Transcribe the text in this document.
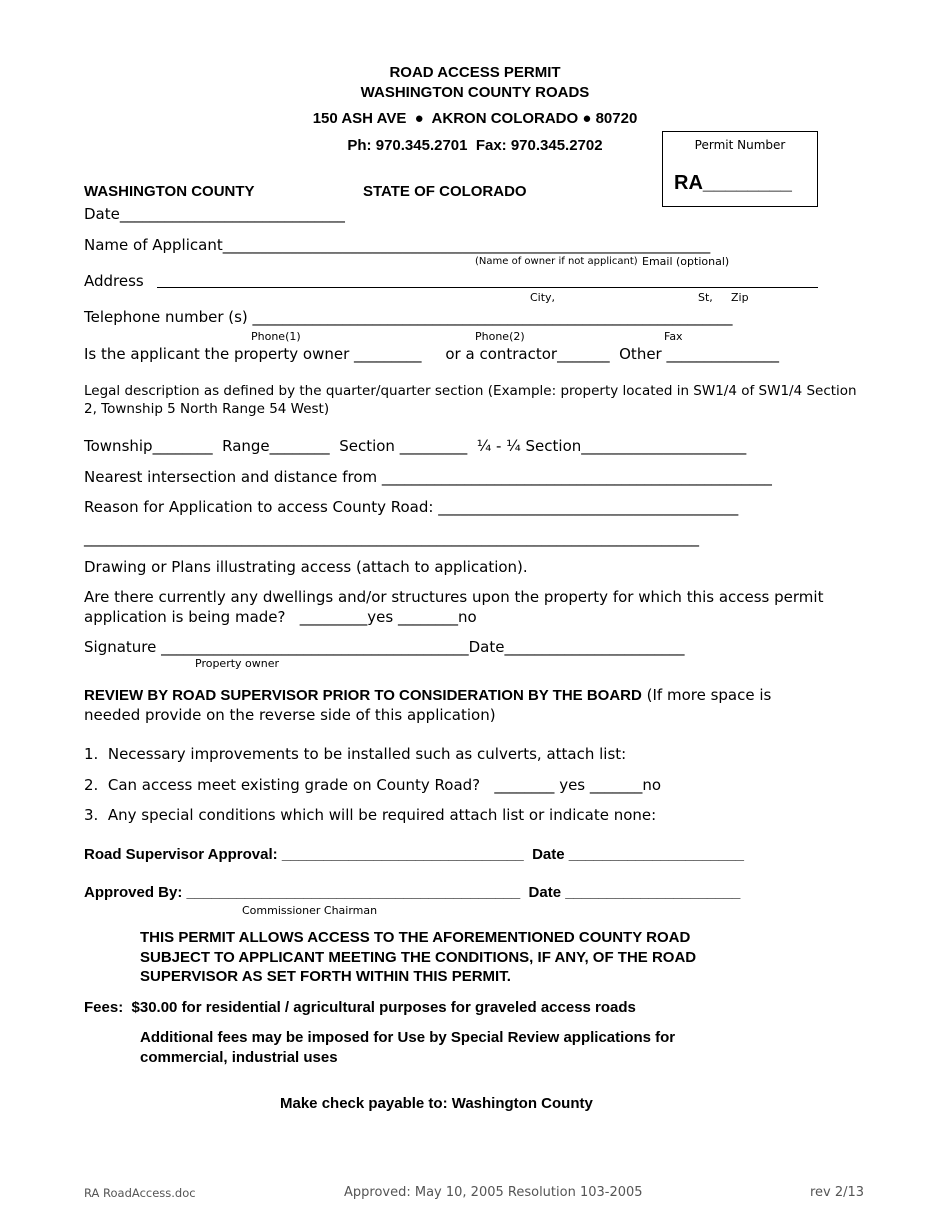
ROAD ACCESS PERMIT
WASHINGTON COUNTY ROADS
150 ASH AVE  ●  AKRON COLORADO ● 80720
Ph: 970.345.2701  Fax: 970.345.2702	Permit Number
RA________
WASHINGTON COUNTY	STATE OF COLORADO
Date______________________________
Name of Applicant_________________________________________________________________
(Name of owner if not applicant) Email (optional)
Address
City,	St, Zip
Telephone number (s) ________________________________________________________________
Phone(1)	Phone(2)	Fax
Is the applicant the property owner _________     or a contractor_______  Other _______________
Legal description as defined by the quarter/quarter section (Example: property located in SW1/4 of SW1/4 Section
2, Township 5 North Range 54 West)
Township________  Range________  Section _________  ¼ - ¼ Section______________________
Nearest intersection and distance from ____________________________________________________
Reason for Application to access County Road: ________________________________________
__________________________________________________________________________________
Drawing or Plans illustrating access (attach to application).
Are there currently any dwellings and/or structures upon the property for which this access permit
application is being made?   _________yes ________no
Signature _________________________________________Date________________________
Property owner
REVIEW BY ROAD SUPERVISOR PRIOR TO CONSIDERATION BY THE BOARD (If more space is
needed provide on the reverse side of this application)
1.  Necessary improvements to be installed such as culverts, attach list:
2.  Can access meet existing grade on County Road?   ________ yes _______no
3.  Any special conditions which will be required attach list or indicate none:
Road Supervisor Approval: _____________________________  Date _____________________
Approved By: ________________________________________  Date _____________________
Commissioner Chairman
THIS PERMIT ALLOWS ACCESS TO THE AFOREMENTIONED COUNTY ROAD
SUBJECT TO APPLICANT MEETING THE CONDITIONS, IF ANY, OF THE ROAD
SUPERVISOR AS SET FORTH WITHIN THIS PERMIT.
Fees:  $30.00 for residential / agricultural purposes for graveled access roads
Additional fees may be imposed for Use by Special Review applications for
commercial, industrial uses
Make check payable to: Washington County
RA RoadAccess.doc	Approved: May 10, 2005 Resolution 103-2005	rev 2/13
